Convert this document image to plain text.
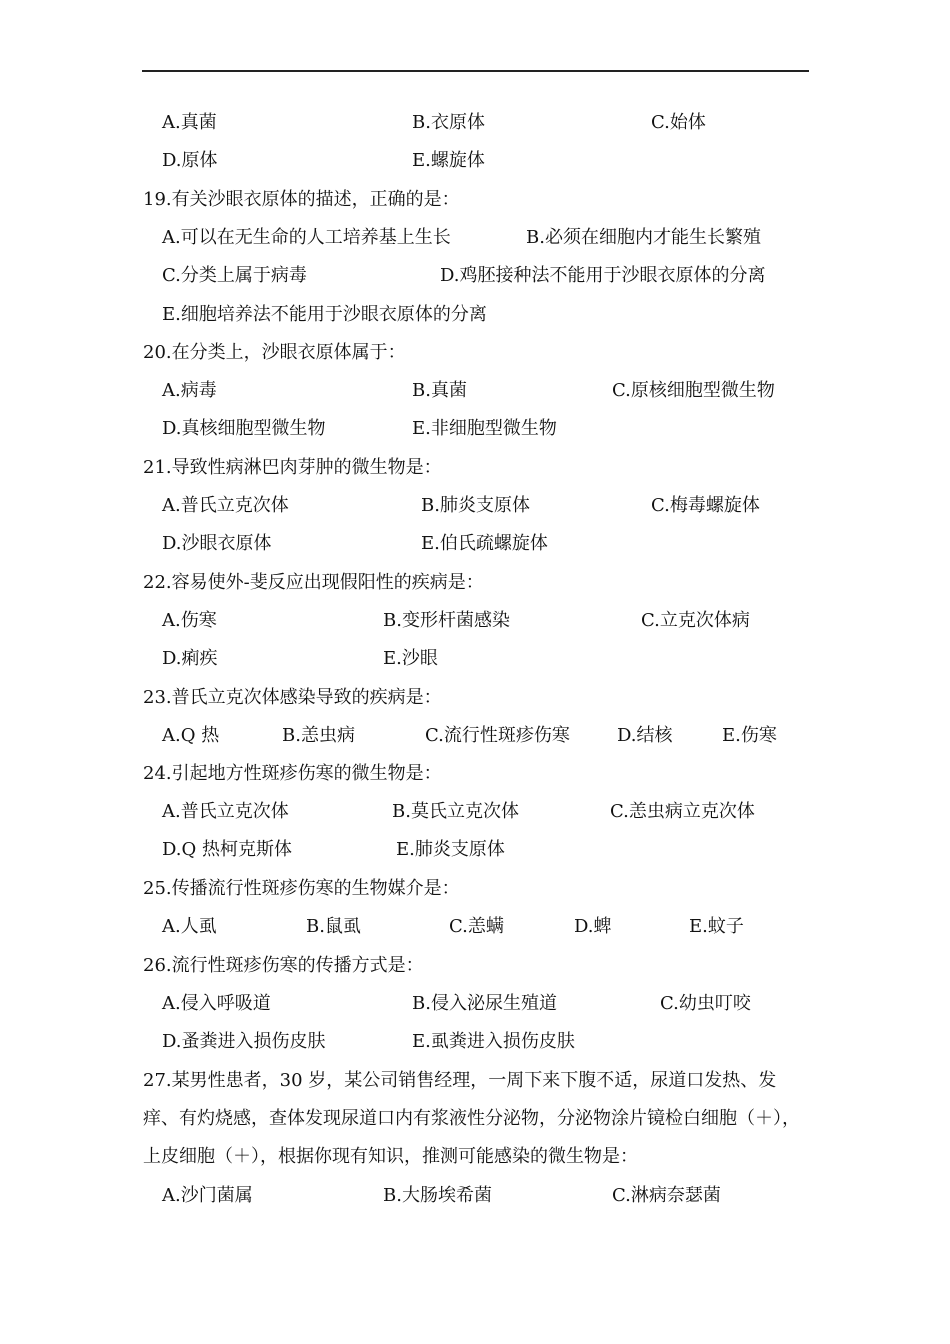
A.真菌	B.衣原体	C.始体
D.原体	E.螺旋体
19.有关沙眼衣原体的描述，正确的是：
A.可以在无生命的人工培养基上生长	B.必须在细胞内才能生长繁殖
C.分类上属于病毒	D.鸡胚接种法不能用于沙眼衣原体的分离
E.细胞培养法不能用于沙眼衣原体的分离
20.在分类上，沙眼衣原体属于：
A.病毒	B.真菌	C.原核细胞型微生物
D.真核细胞型微生物	E.非细胞型微生物
21.导致性病淋巴肉芽肿的微生物是：
A.普氏立克次体	B.肺炎支原体	C.梅毒螺旋体
D.沙眼衣原体	E.伯氏疏螺旋体
22.容易使外-斐反应出现假阳性的疾病是：
A.伤寒	B.变形杆菌感染	C.立克次体病
D.痢疾	E.沙眼
23.普氏立克次体感染导致的疾病是：
A.Q 热	B.恙虫病	C.流行性斑疹伤寒	D.结核	E.伤寒
24.引起地方性斑疹伤寒的微生物是：
A.普氏立克次体	B.莫氏立克次体	C.恙虫病立克次体
D.Q 热柯克斯体	E.肺炎支原体
25.传播流行性斑疹伤寒的生物媒介是：
A.人虱	B.鼠虱	C.恙螨	D.蜱	E.蚊子
26.流行性斑疹伤寒的传播方式是：
A.侵入呼吸道	B.侵入泌尿生殖道	C.幼虫叮咬
D.蚤粪进入损伤皮肤	E.虱粪进入损伤皮肤
27.某男性患者，30 岁，某公司销售经理，一周下来下腹不适，尿道口发热、发
痒、有灼烧感，查体发现尿道口内有浆液性分泌物，分泌物涂片镜检白细胞（＋），
上皮细胞（＋），根据你现有知识，推测可能感染的微生物是：
A.沙门菌属	B.大肠埃希菌	C.淋病奈瑟菌
